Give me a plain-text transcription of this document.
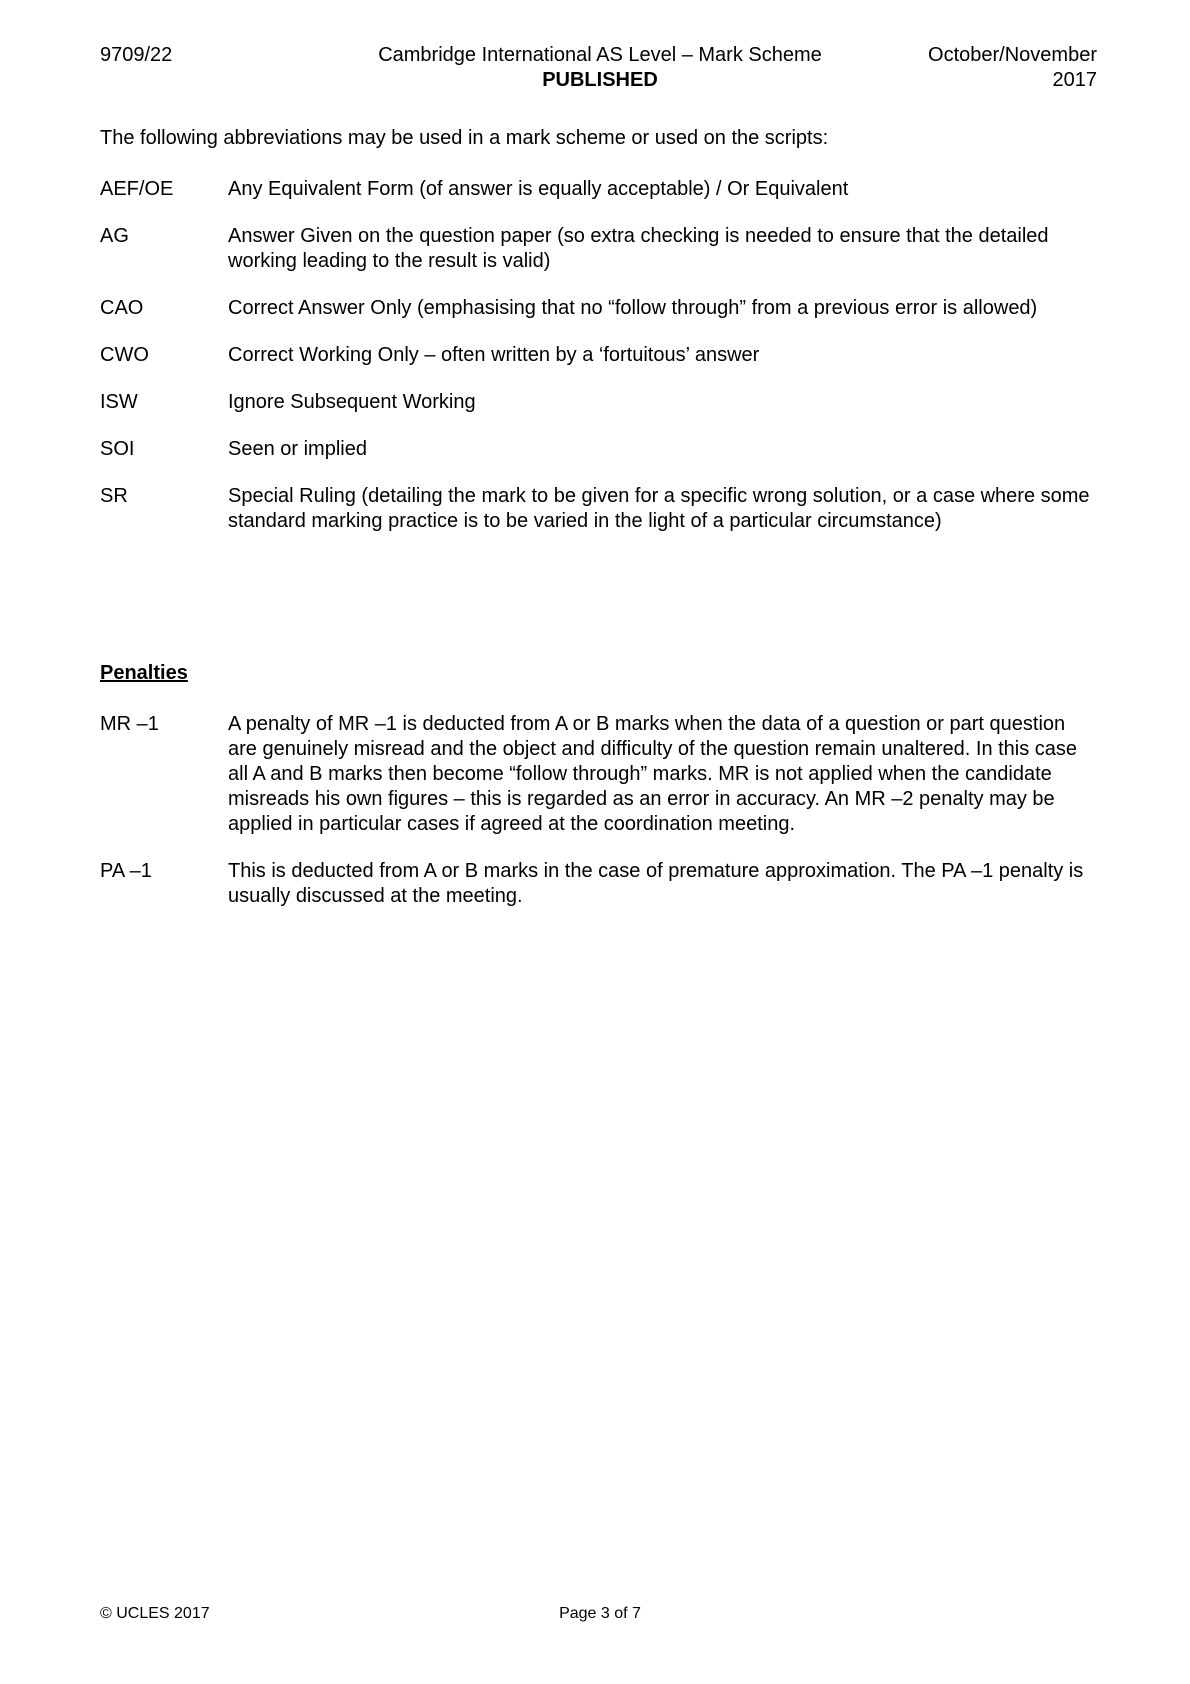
9709/22	Cambridge International AS Level – Mark Scheme
PUBLISHED
October/November
2017
The following abbreviations may be used in a mark scheme or used on the scripts:
AEF/OE	Any Equivalent Form (of answer is equally acceptable) / Or Equivalent
AG	Answer Given on the question paper (so extra checking is needed to ensure that the detailed working leading to the result is valid)
CAO	Correct Answer Only (emphasising that no “follow through” from a previous error is allowed)
CWO	Correct Working Only – often written by a ‘fortuitous’ answer
ISW	Ignore Subsequent Working
SOI	Seen or implied
SR	Special Ruling (detailing the mark to be given for a specific wrong solution, or a case where some standard marking practice is to be varied in the light of a particular circumstance)
Penalties
MR –1	A penalty of MR –1 is deducted from A or B marks when the data of a question or part question are genuinely misread and the object and difficulty of the question remain unaltered. In this case all A and B marks then become “follow through” marks. MR is not applied when the candidate misreads his own figures – this is regarded as an error in accuracy. An MR –2 penalty may be applied in particular cases if agreed at the coordination meeting.
PA –1	This is deducted from A or B marks in the case of premature approximation. The PA –1 penalty is usually discussed at the meeting.
© UCLES 2017	Page 3 of 7
